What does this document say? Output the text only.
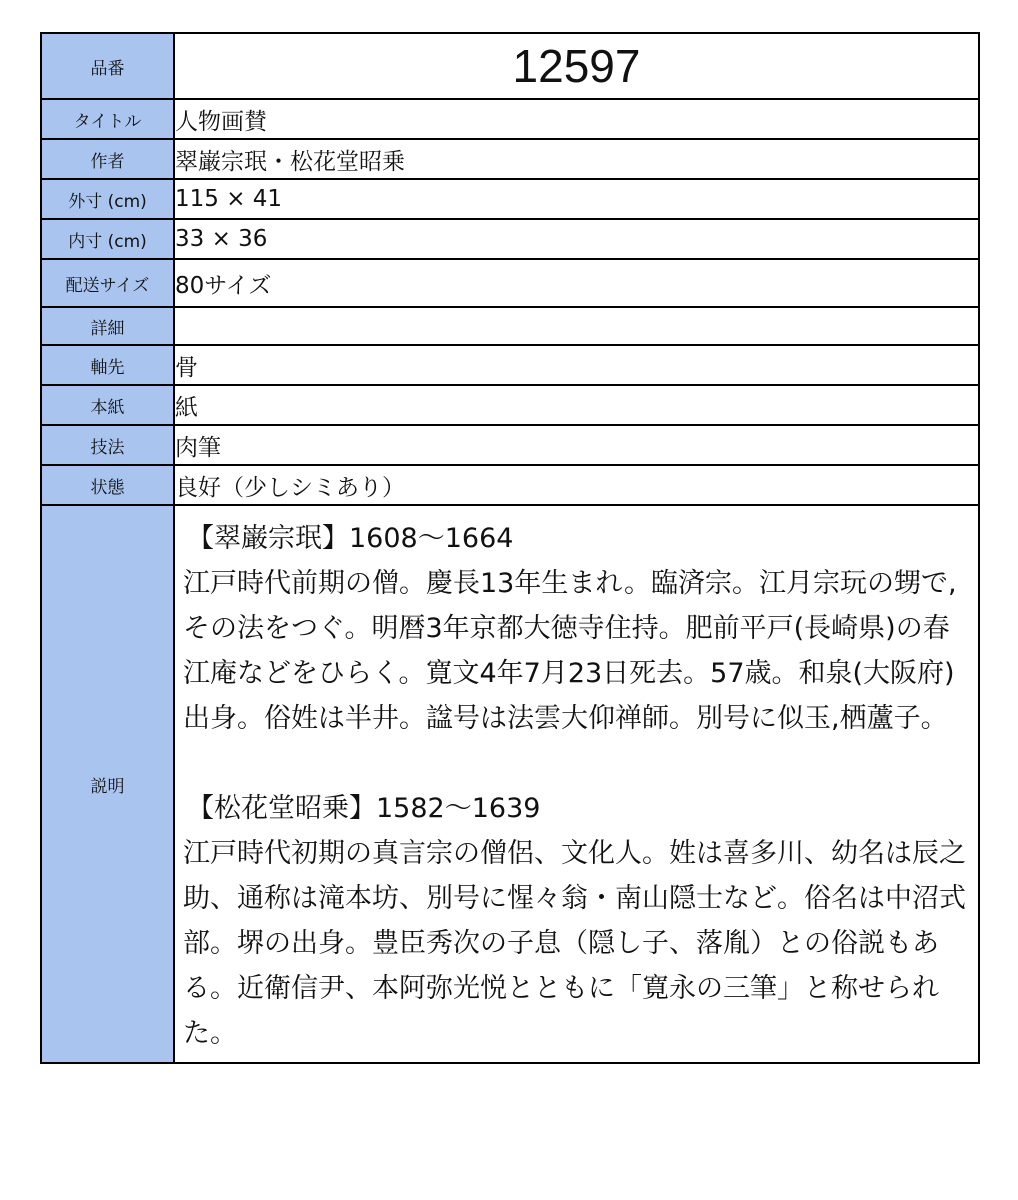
品番	12597
タイトル	人物画賛
作者	翠巌宗珉・松花堂昭乗
外寸 (cm)	115 × 41
内寸 (cm)	33 × 36
配送サイズ	80サイズ
詳細	
軸先	骨
本紙	紙
技法	肉筆
状態	良好（少しシミあり）
説明	【翠巌宗珉】1608〜1664
江戸時代前期の僧。慶長13年生まれ。臨済宗。江月宗玩の甥で,その法をつぐ。明暦3年京都大徳寺住持。肥前平戸(長崎県)の春江庵などをひらく。寛文4年7月23日死去。57歳。和泉(大阪府)出身。俗姓は半井。諡号は法雲大仰禅師。別号に似玉,栖蘆子。
【松花堂昭乗】1582〜1639
江戸時代初期の真言宗の僧侶、文化人。姓は喜多川、幼名は辰之助、通称は滝本坊、別号に惺々翁・南山隠士など。俗名は中沼式部。堺の出身。豊臣秀次の子息（隠し子、落胤）との俗説もある。近衛信尹、本阿弥光悦とともに「寛永の三筆」と称せられた。
